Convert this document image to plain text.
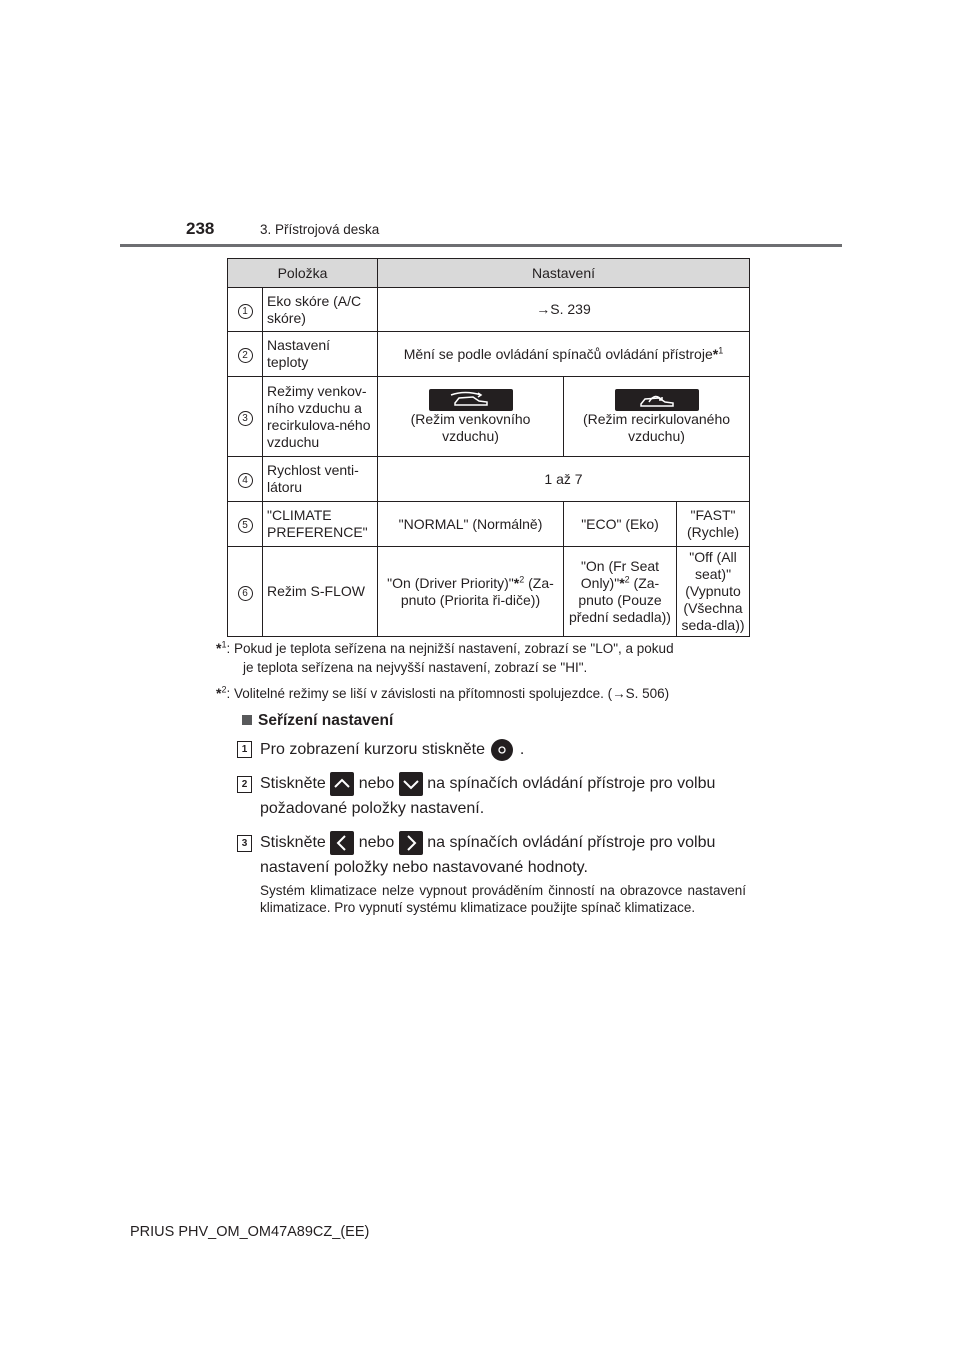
238	3. Přístrojová deska
Položka		Nastavení		
1	Eko skóre (A/C skóre)	→S. 239		
2	Nastavení teploty	Mění se podle ovládání spínačů ovládání přístroje*$^1$
3	Režimy venkov-ního vzduchu a recirkulova-ného vzduchu	(Režim venkovního vzduchu)	(Režim recirkulovaného vzduchu)	
4	Rychlost venti-látoru	1 až 7		
5	"CLIMATE PREFERENCE"	"NORMAL" (Normálně)	"ECO" (Eko)	"FAST" (Rychle)
6	Režim S-FLOW	"On (Driver Priority)"*$^2$ (Za-pnuto (Priorita ři-diče))	"On (Fr Seat Only)"*$^2$ (Za-pnuto (Pouze přední sedadla))	"Off (All seat)" (Vypnuto (Všechna seda-dla))
*$^1$: Pokud je teplota seřízena na nejnižší nastavení, zobrazí se "LO", a pokud
je teplota seřízena na nejvyšší nastavení, zobrazí se "HI".
*$^2$: Volitelné režimy se liší v závislosti na přítomnosti spolujezdce. (→S. 506)
Seřízení nastavení
1 Pro zobrazení kurzoru stiskněte .
2 Stiskněte nebo na spínačích ovládání přístroje pro volbu požadované položky nastavení.
3 Stiskněte nebo na spínačích ovládání přístroje pro volbu nastavení položky nebo nastavované hodnoty.
Systém klimatizace nelze vypnout prováděním činností na obrazovce nastavení klimatizace. Pro vypnutí systému klimatizace použijte spínač klimatizace.
PRIUS PHV_OM_OM47A89CZ_(EE)
